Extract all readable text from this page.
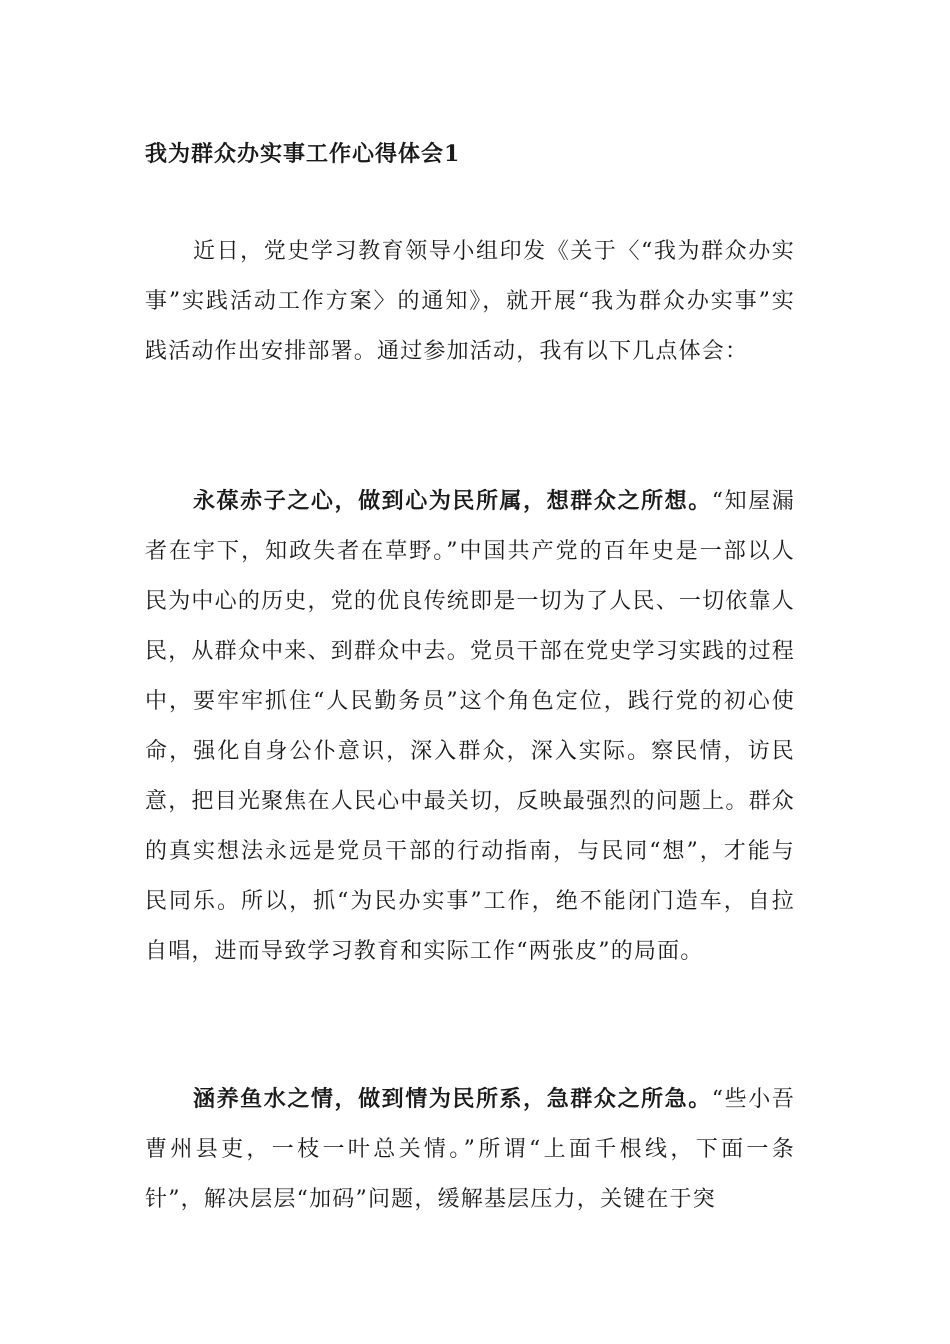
我为群众办实事工作心得体会1

近日，党史学习教育领导小组印发《关于〈“我为群众办实事”实践活动工作方案〉的通知》，就开展“我为群众办实事”实践活动作出安排部署。通过参加活动，我有以下几点体会：

永葆赤子之心，做到心为民所属，想群众之所想。“知屋漏者在宇下，知政失者在草野。”中国共产党的百年史是一部以人民为中心的历史，党的优良传统即是一切为了人民、一切依靠人民，从群众中来、到群众中去。党员干部在党史学习实践的过程中，要牢牢抓住“人民勤务员”这个角色定位，践行党的初心使命，强化自身公仆意识，深入群众，深入实际。察民情，访民意，把目光聚焦在人民心中最关切，反映最强烈的问题上。群众的真实想法永远是党员干部的行动指南，与民同“想”，才能与民同乐。所以，抓“为民办实事”工作，绝不能闭门造车，自拉自唱，进而导致学习教育和实际工作“两张皮”的局面。

涵养鱼水之情，做到情为民所系，急群众之所急。“些小吾曹州县吏，一枝一叶总关情。”所谓“上面千根线，下面一条针”，解决层层“加码”问题，缓解基层压力，关键在于突
